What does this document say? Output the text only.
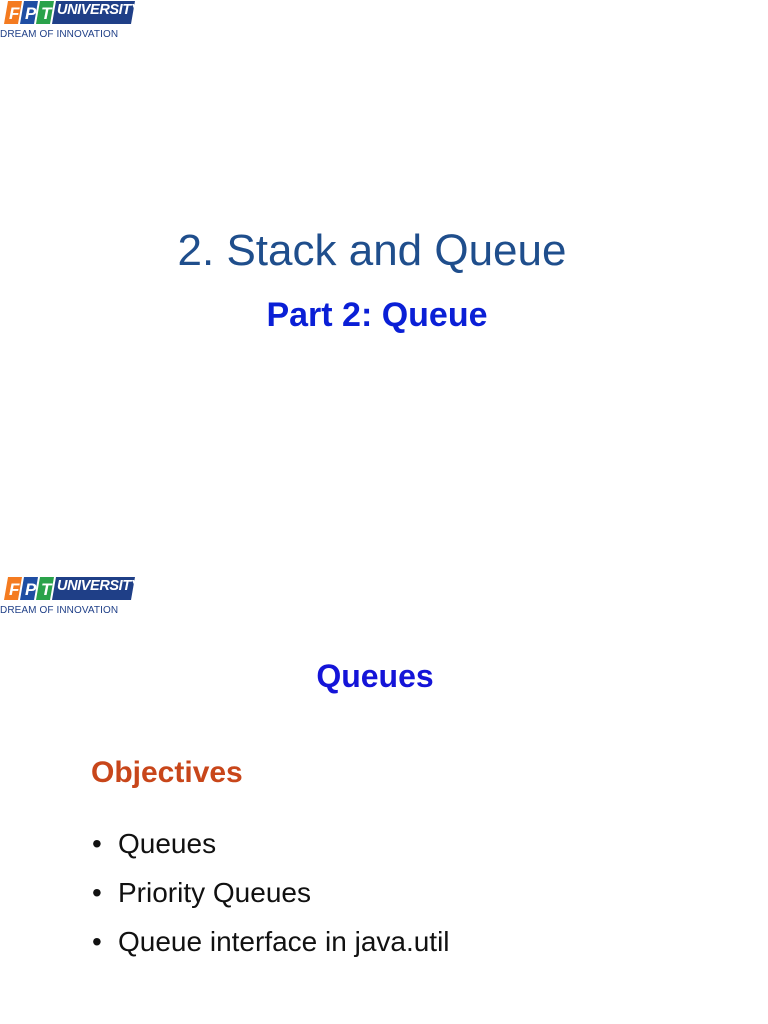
F P T UNIVERSITY
DREAM OF INNOVATION
2. Stack and Queue
Part 2: Queue
F P T UNIVERSITY
DREAM OF INNOVATION
Queues
Objectives
• Queues
• Priority Queues
• Queue interface in java.util
